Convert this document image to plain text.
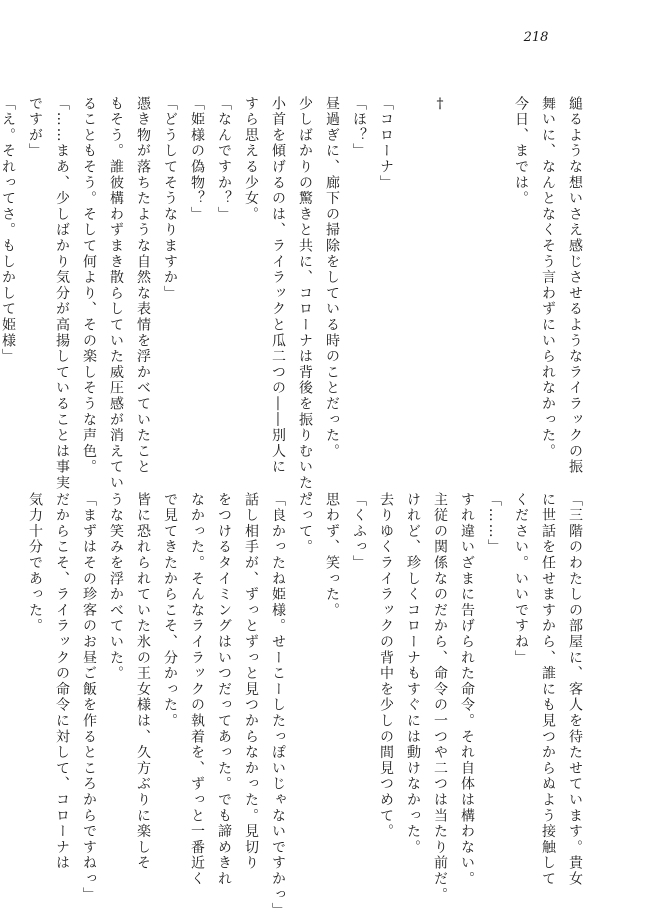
218
縋るような想いさえ感じさせるようなライラックの振
舞いに、なんとなくそう言わずにいられなかった。
今日、までは。
†
「コローナ」
「ほ？」
昼過ぎに、廊下の掃除をしている時のことだった。
少しばかりの驚きと共に、コローナは背後を振りむいた。
小首を傾げるのは、ライラックと瓜二つの――別人に
すら思える少女。
「なんですか？」
「姫様の偽物？」
「どうしてそうなりますか」
憑き物が落ちたような自然な表情を浮かべていたこと
もそう。誰彼構わずまき散らしていた威圧感が消えてい
ることもそう。そして何より、その楽しそうな声色。
「……まあ、少しばかり気分が高揚していることは事実
ですが」
「え。それってさ。もしかして姫様」
「三階のわたしの部屋に、客人を待たせています。貴女
に世話を任せますから、誰にも見つからぬよう接触して
ください。いいですね」
「……」
すれ違いざまに告げられた命令。それ自体は構わない。
主従の関係なのだから、命令の一つや二つは当たり前だ。
けれど、珍しくコローナもすぐには動けなかった。
去りゆくライラックの背中を少しの間見つめて。
「くふっ」
思わず、笑った。
だって。
「良かったね姫様。せーこーしたっぽいじゃないですかっ」
話し相手が、ずっとずっと見つからなかった。見切り
をつけるタイミングはいつだってあった。でも諦めきれ
なかった。そんなライラックの執着を、ずっと一番近く
で見てきたからこそ、分かった。
皆に恐れられていた氷の王女様は、久方ぶりに楽しそ
うな笑みを浮かべていた。
「まずはその珍客のお昼ご飯を作るところからですねっ」
だからこそ、ライラックの命令に対して、コローナは
気力十分であった。
